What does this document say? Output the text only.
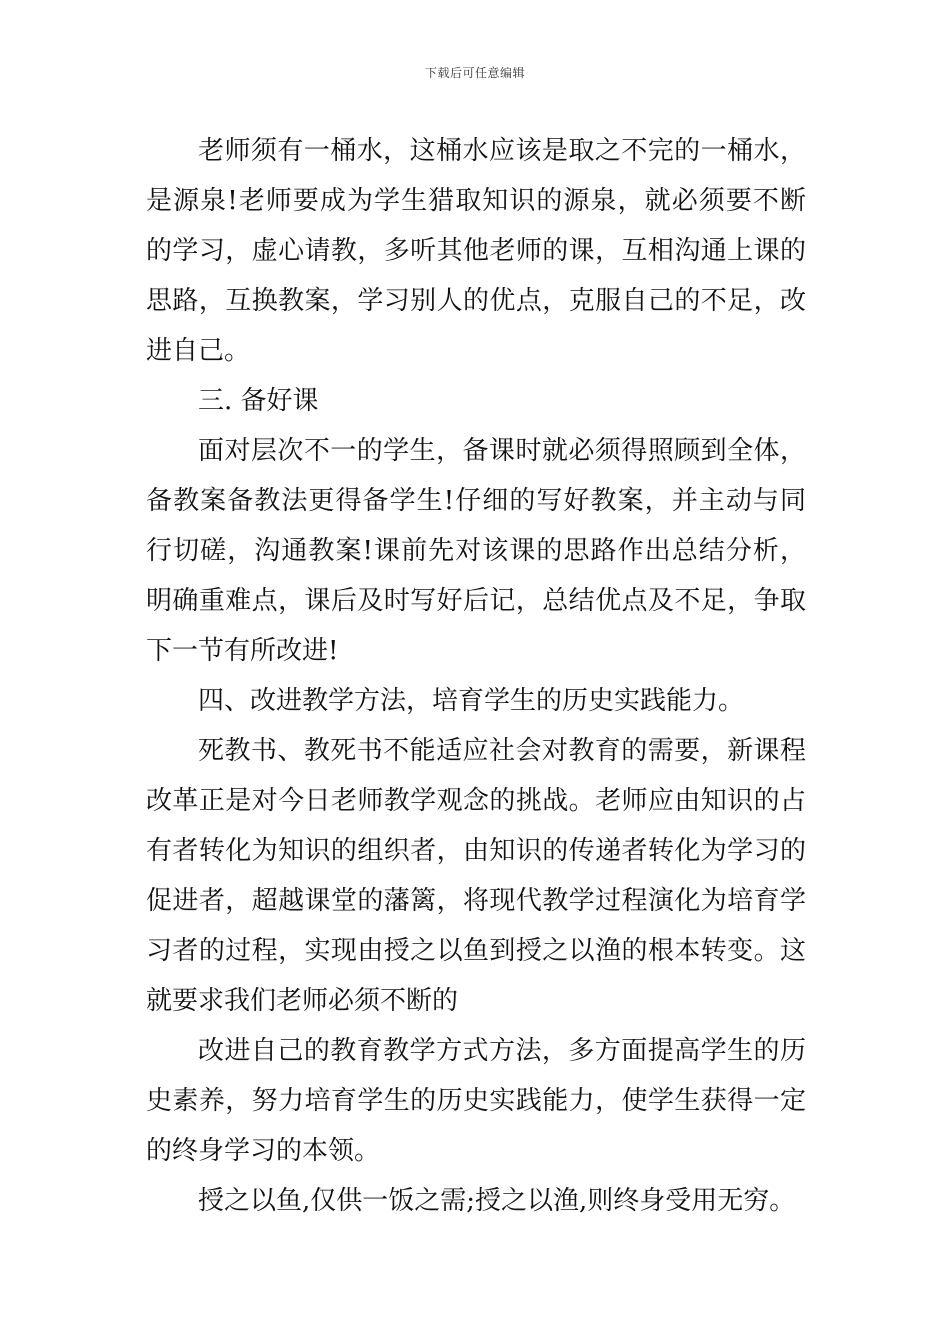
下载后可任意编辑

老师须有一桶水，这桶水应该是取之不完的一桶水，是源泉!老师要成为学生猎取知识的源泉，就必须要不断的学习，虚心请教，多听其他老师的课，互相沟通上课的思路，互换教案，学习别人的优点，克服自己的不足，改进自己。

三. 备好课

面对层次不一的学生，备课时就必须得照顾到全体，备教案备教法更得备学生!仔细的写好教案，并主动与同行切磋，沟通教案!课前先对该课的思路作出总结分析，明确重难点，课后及时写好后记，总结优点及不足，争取下一节有所改进!

四、改进教学方法，培育学生的历史实践能力。

死教书、教死书不能适应社会对教育的需要，新课程改革正是对今日老师教学观念的挑战。老师应由知识的占有者转化为知识的组织者，由知识的传递者转化为学习的促进者，超越课堂的藩篱，将现代教学过程演化为培育学习者的过程，实现由授之以鱼到授之以渔的根本转变。这就要求我们老师必须不断的

改进自己的教育教学方式方法，多方面提高学生的历史素养，努力培育学生的历史实践能力，使学生获得一定的终身学习的本领。

授之以鱼,仅供一饭之需;授之以渔,则终身受用无穷。
